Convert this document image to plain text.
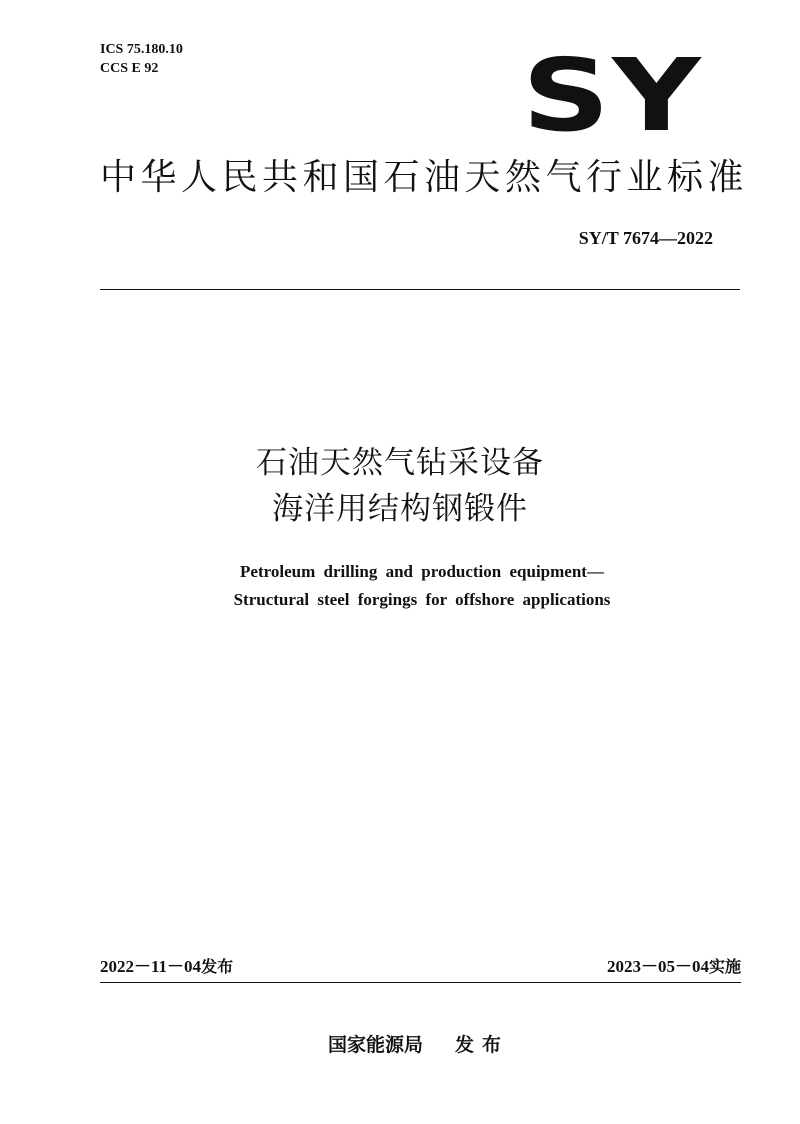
ICS 75.180.10
CCS E 92	SY
中华人民共和国石油天然气行业标准
SY/T 7674—2022
石油天然气钻采设备
海洋用结构钢锻件
Petroleum drilling and production equipment—
Structural steel forgings for offshore applications
2022－11－04发布	2023－05－04实施
国家能源局 发布
